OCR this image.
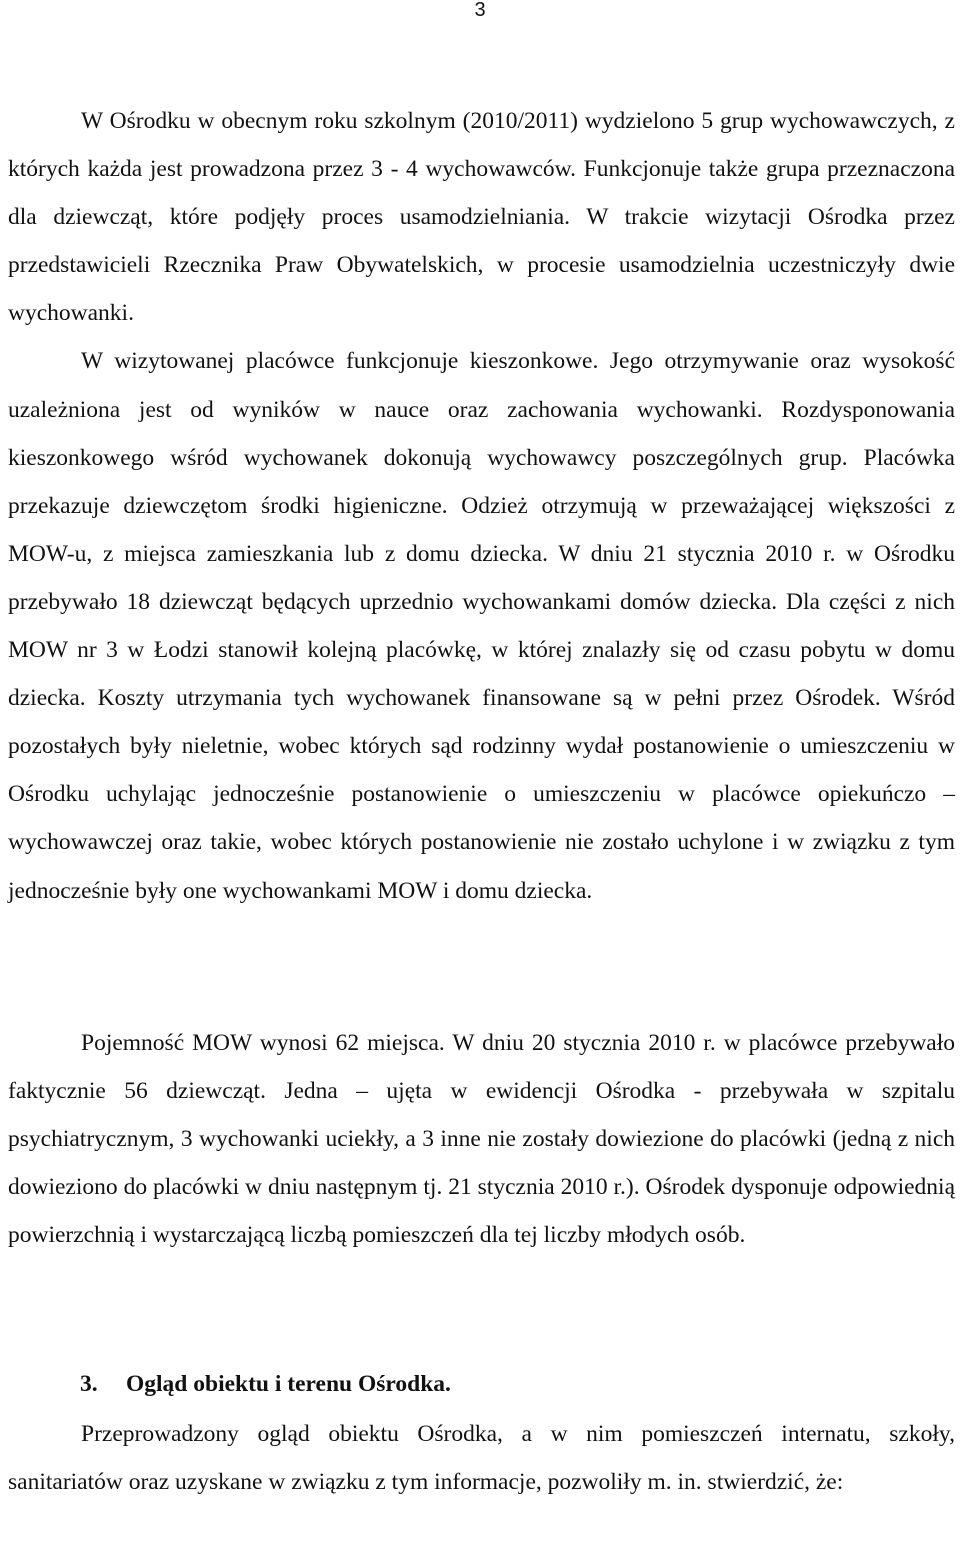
3
W Ośrodku w obecnym roku szkolnym (2010/2011) wydzielono 5 grup wychowawczych, z których każda jest prowadzona przez 3 - 4 wychowawców. Funkcjonuje także grupa przeznaczona dla dziewcząt, które podjęły proces usamodzielniania. W trakcie wizytacji Ośrodka przez przedstawicieli Rzecznika Praw Obywatelskich, w procesie usamodzielnia uczestniczyły dwie wychowanki.
W wizytowanej placówce funkcjonuje kieszonkowe. Jego otrzymywanie oraz wysokość uzależniona jest od wyników w nauce oraz zachowania wychowanki. Rozdysponowania kieszonkowego wśród wychowanek dokonują wychowawcy poszczególnych grup. Placówka przekazuje dziewczętom środki higieniczne. Odzież otrzymują w przeważającej większości z MOW-u, z miejsca zamieszkania lub z domu dziecka. W dniu 21 stycznia 2010 r. w Ośrodku przebywało 18 dziewcząt będących uprzednio wychowankami domów dziecka. Dla części z nich MOW nr 3 w Łodzi stanowił kolejną placówkę, w której znalazły się od czasu pobytu w domu dziecka. Koszty utrzymania tych wychowanek finansowane są w pełni przez Ośrodek. Wśród pozostałych były nieletnie, wobec których sąd rodzinny wydał postanowienie o umieszczeniu w Ośrodku uchylając jednocześnie postanowienie o umieszczeniu w placówce opiekuńczo – wychowawczej oraz takie, wobec których postanowienie nie zostało uchylone i w związku z tym jednocześnie były one wychowankami MOW i domu dziecka.
Pojemność MOW wynosi 62 miejsca. W dniu 20 stycznia 2010 r. w placówce przebywało faktycznie 56 dziewcząt. Jedna – ujęta w ewidencji Ośrodka - przebywała w szpitalu psychiatrycznym, 3 wychowanki uciekły, a 3 inne nie zostały dowiezione do placówki (jedną z nich dowieziono do placówki w dniu następnym tj. 21 stycznia 2010 r.). Ośrodek dysponuje odpowiednią powierzchnią i wystarczającą liczbą pomieszczeń dla tej liczby młodych osób.
3. Ogląd obiektu i terenu Ośrodka.
Przeprowadzony ogląd obiektu Ośrodka, a w nim pomieszczeń internatu, szkoły, sanitariatów oraz uzyskane w związku z tym informacje, pozwoliły m. in. stwierdzić, że:
